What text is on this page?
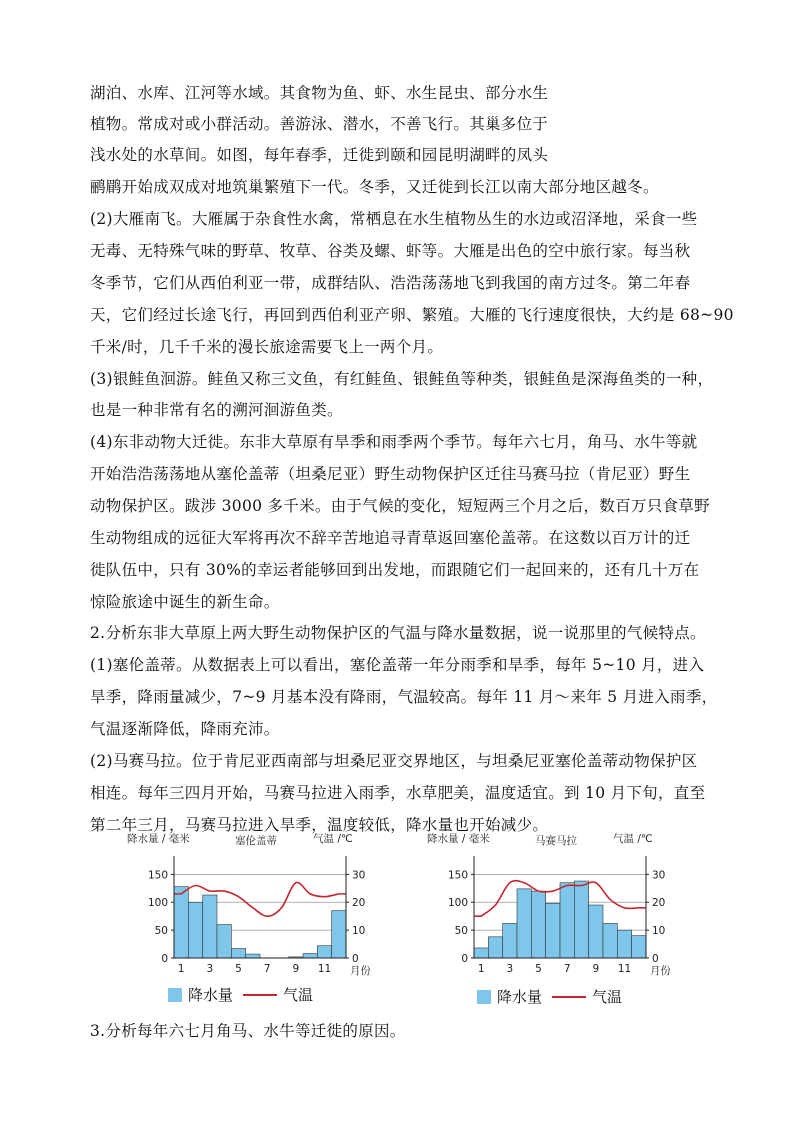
湖泊、水库、江河等水域。其食物为鱼、虾、水生昆虫、部分水生
植物。常成对或小群活动。善游泳、潜水，不善飞行。其巢多位于
浅水处的水草间。如图，每年春季，迁徙到颐和园昆明湖畔的凤头
鹂鹛开始成双成对地筑巢繁殖下一代。冬季，又迁徙到长江以南大部分地区越冬。
(2)大雁南飞。大雁属于杂食性水禽，常栖息在水生植物丛生的水边或沼泽地，采食一些
无毒、无特殊气味的野草、牧草、谷类及螺、虾等。大雁是出色的空中旅行家。每当秋
冬季节，它们从西伯利亚一带，成群结队、浩浩荡荡地飞到我国的南方过冬。第二年春
天，它们经过长途飞行，再回到西伯利亚产卵、繁殖。大雁的飞行速度很快，大约是 68~90
千米/时，几千千米的漫长旅途需要飞上一两个月。
(3)银鲑鱼洄游。鲑鱼又称三文鱼，有红鲑鱼、银鲑鱼等种类，银鲑鱼是深海鱼类的一种，
也是一种非常有名的溯河洄游鱼类。
(4)东非动物大迁徙。东非大草原有旱季和雨季两个季节。每年六七月，角马、水牛等就
开始浩浩荡荡地从塞伦盖蒂（坦桑尼亚）野生动物保护区迁往马赛马拉（肯尼亚）野生
动物保护区。跋涉 3000 多千米。由于气候的变化，短短两三个月之后，数百万只食草野
生动物组成的远征大军将再次不辞辛苦地追寻青草返回塞伦盖蒂。在这数以百万计的迁
徙队伍中，只有 30%的幸运者能够回到出发地，而跟随它们一起回来的，还有几十万在
惊险旅途中诞生的新生命。
2.分析东非大草原上两大野生动物保护区的气温与降水量数据，说一说那里的气候特点。
(1)塞伦盖蒂。从数据表上可以看出，塞伦盖蒂一年分雨季和旱季，每年 5~10 月，进入
旱季，降雨量减少，7~9 月基本没有降雨，气温较高。每年 11 月～来年 5 月进入雨季，
气温逐渐降低，降雨充沛。
(2)马赛马拉。位于肯尼亚西南部与坦桑尼亚交界地区，与坦桑尼亚塞伦盖蒂动物保护区
相连。每年三四月开始，马赛马拉进入雨季，水草肥美，温度适宜。到 10 月下旬，直至
第二年三月，马赛马拉进入旱季，温度较低，降水量也开始减少。
降水量 / 毫米	塞伦盖蒂	气温 /℃
0
50
100
150
0
10
20
30
1 3 5 7 9 11 月份
降水量	气温
降水量 / 毫米	马赛马拉	气温 /℃
0
50
100
150
0
10
20
30
1 3 5 7 9 11 月份
降水量	气温
3.分析每年六七月角马、水牛等迁徙的原因。
